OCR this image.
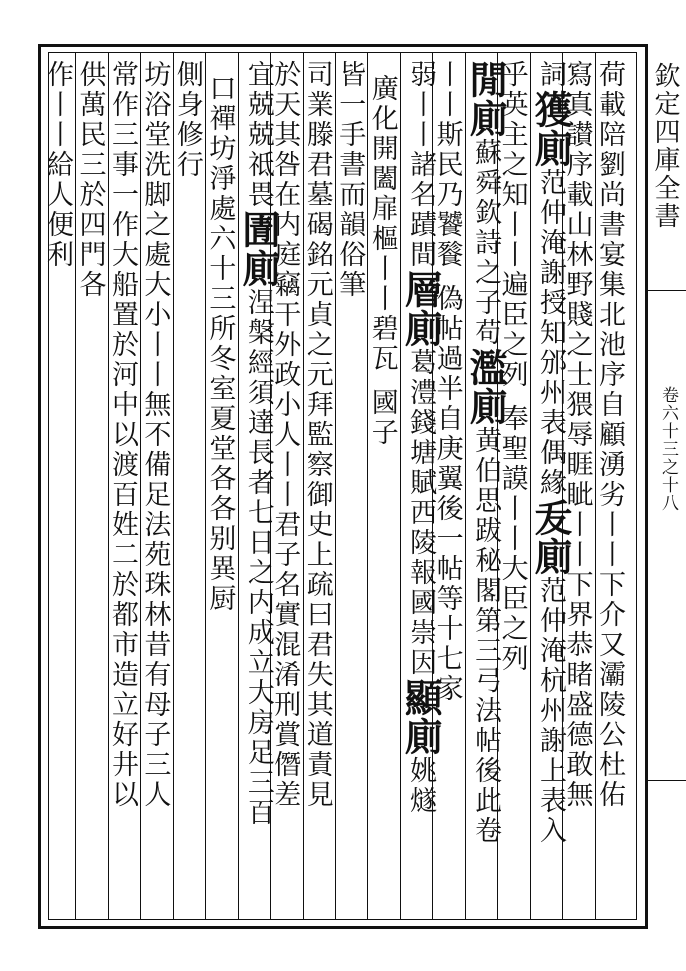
欽定四庫全書
卷六十三之十八
荷載陪劉尚書宴集北池序自顧湧劣丨丨下介又灞陵公杜佑
寫真讃序載山林野賤之士猥辱睚眦丨丨下界恭睹盛德敢無
詞獲廁范仲淹謝授知邠州表偶緣叐廁范仲淹杭州謝上表入
乎英主之知丨丨遍臣之列奉聖謨丨丨大臣之列
閒廁蘇舜欽詩之子苟濫廁黄伯思跋秘閣第三弓法帖後此卷
丨丨斯民乃饕餮偽帖過半自庚翼後一帖等十七家
弱丨丨諸名蹟間層廁葛澧錢塘賦西陵報國崇因顯廁姚燧
廣化開闔扉樞丨丨碧瓦國子
皆一手書而韻俗筆
司業滕君墓碣銘元貞之元拜監察御史上疏曰君失其道責見
於天其咎在内庭竊干外政小人丨丨君子名實混淆刑賞僭差
宜兢兢祗畏圊廁涅槃經須達長者七日之内成立大房足三百
口禪坊淨處六十三所冬室夏堂各各别異厨
側身修行
坊浴堂洗脚之處大小丨丨無不備足法苑珠林昔有母子三人
常作三事一作大船置於河中以渡百姓二於都市造立好井以
供萬民三於四門各
作丨丨給人便利
